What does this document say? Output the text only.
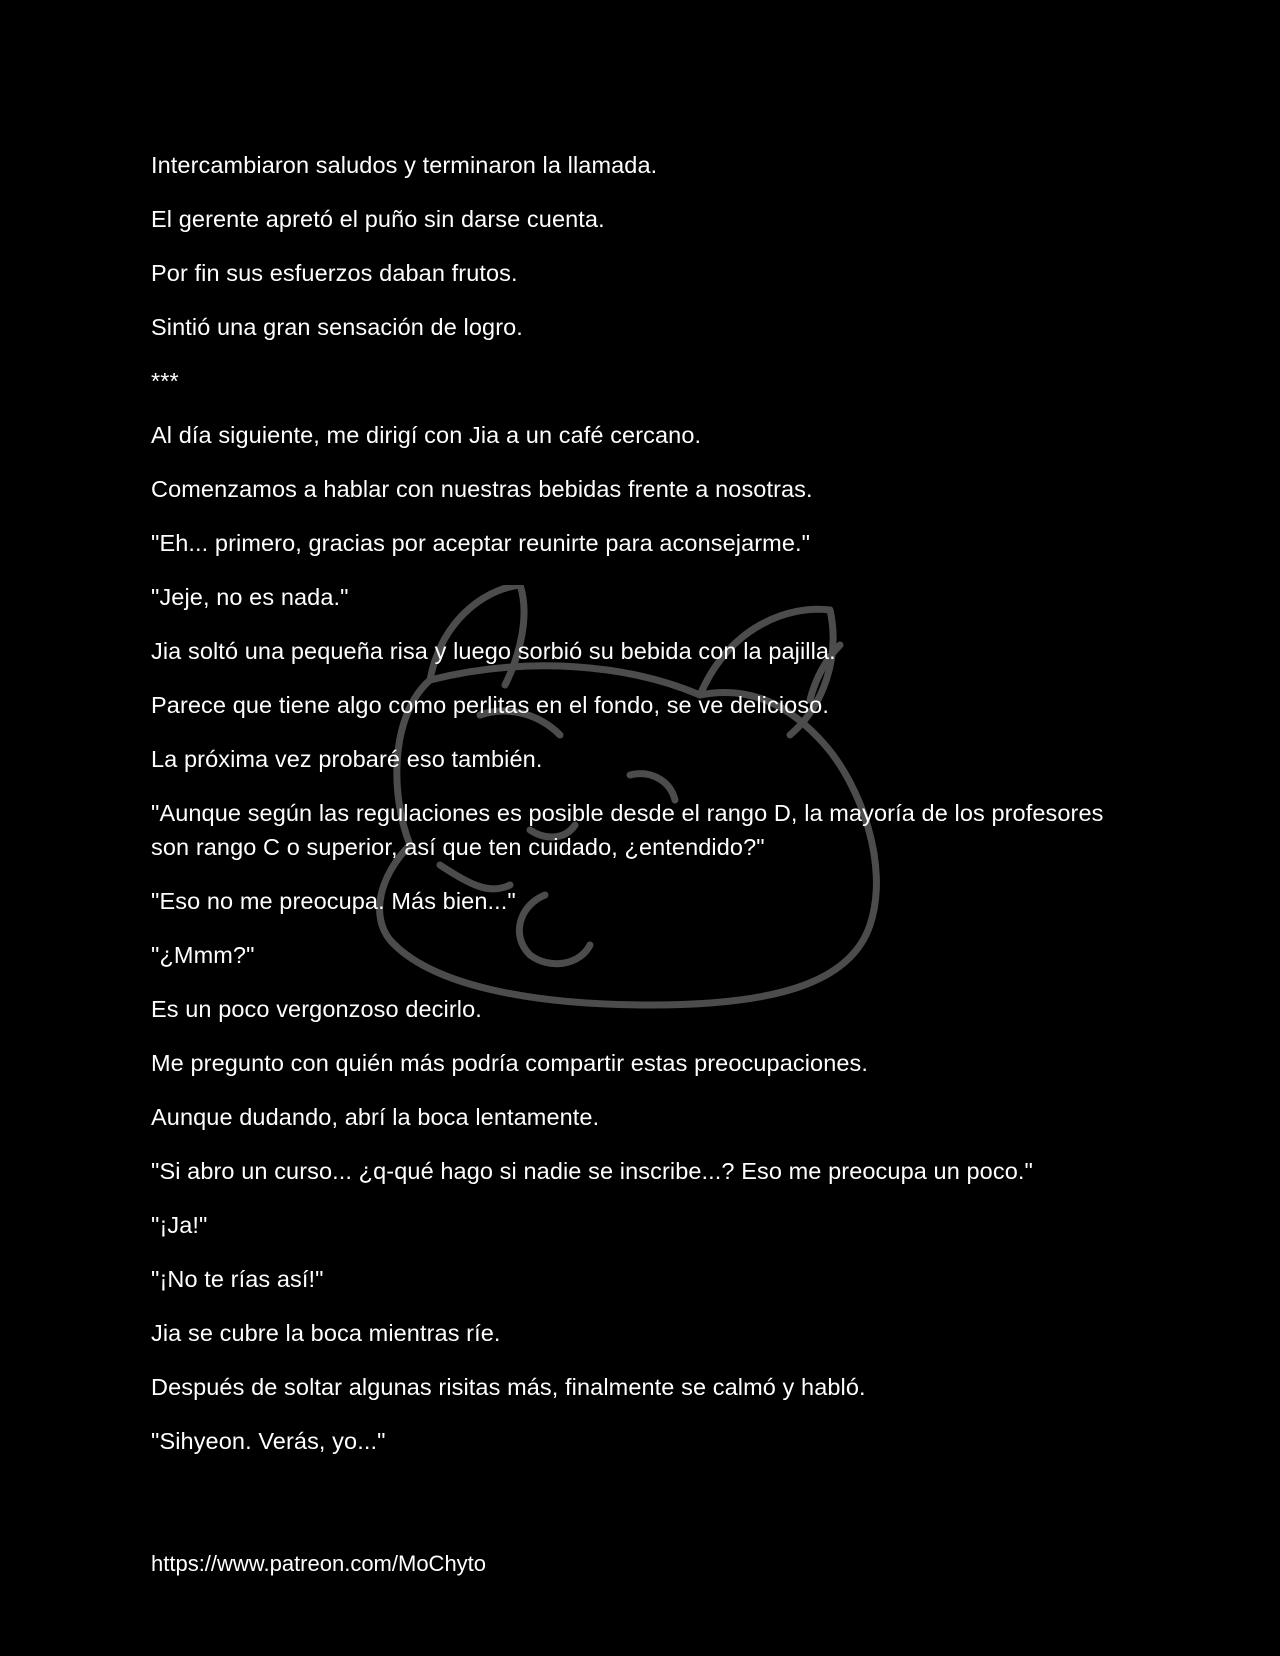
Intercambiaron saludos y terminaron la llamada.

El gerente apretó el puño sin darse cuenta.

Por fin sus esfuerzos daban frutos.

Sintió una gran sensación de logro.

***

Al día siguiente, me dirigí con Jia a un café cercano.

Comenzamos a hablar con nuestras bebidas frente a nosotras.

"Eh... primero, gracias por aceptar reunirte para aconsejarme."

"Jeje, no es nada."

Jia soltó una pequeña risa y luego sorbió su bebida con la pajilla.

Parece que tiene algo como perlitas en el fondo, se ve delicioso.

La próxima vez probaré eso también.

"Aunque según las regulaciones es posible desde el rango D, la mayoría de los profesores son rango C o superior, así que ten cuidado, ¿entendido?"

"Eso no me preocupa. Más bien..."

"¿Mmm?"

Es un poco vergonzoso decirlo.

Me pregunto con quién más podría compartir estas preocupaciones.

Aunque dudando, abrí la boca lentamente.

"Si abro un curso... ¿q-qué hago si nadie se inscribe...? Eso me preocupa un poco."

"¡Ja!"

"¡No te rías así!"

Jia se cubre la boca mientras ríe.

Después de soltar algunas risitas más, finalmente se calmó y habló.

"Sihyeon. Verás, yo..."

https://www.patreon.com/MoChyto
